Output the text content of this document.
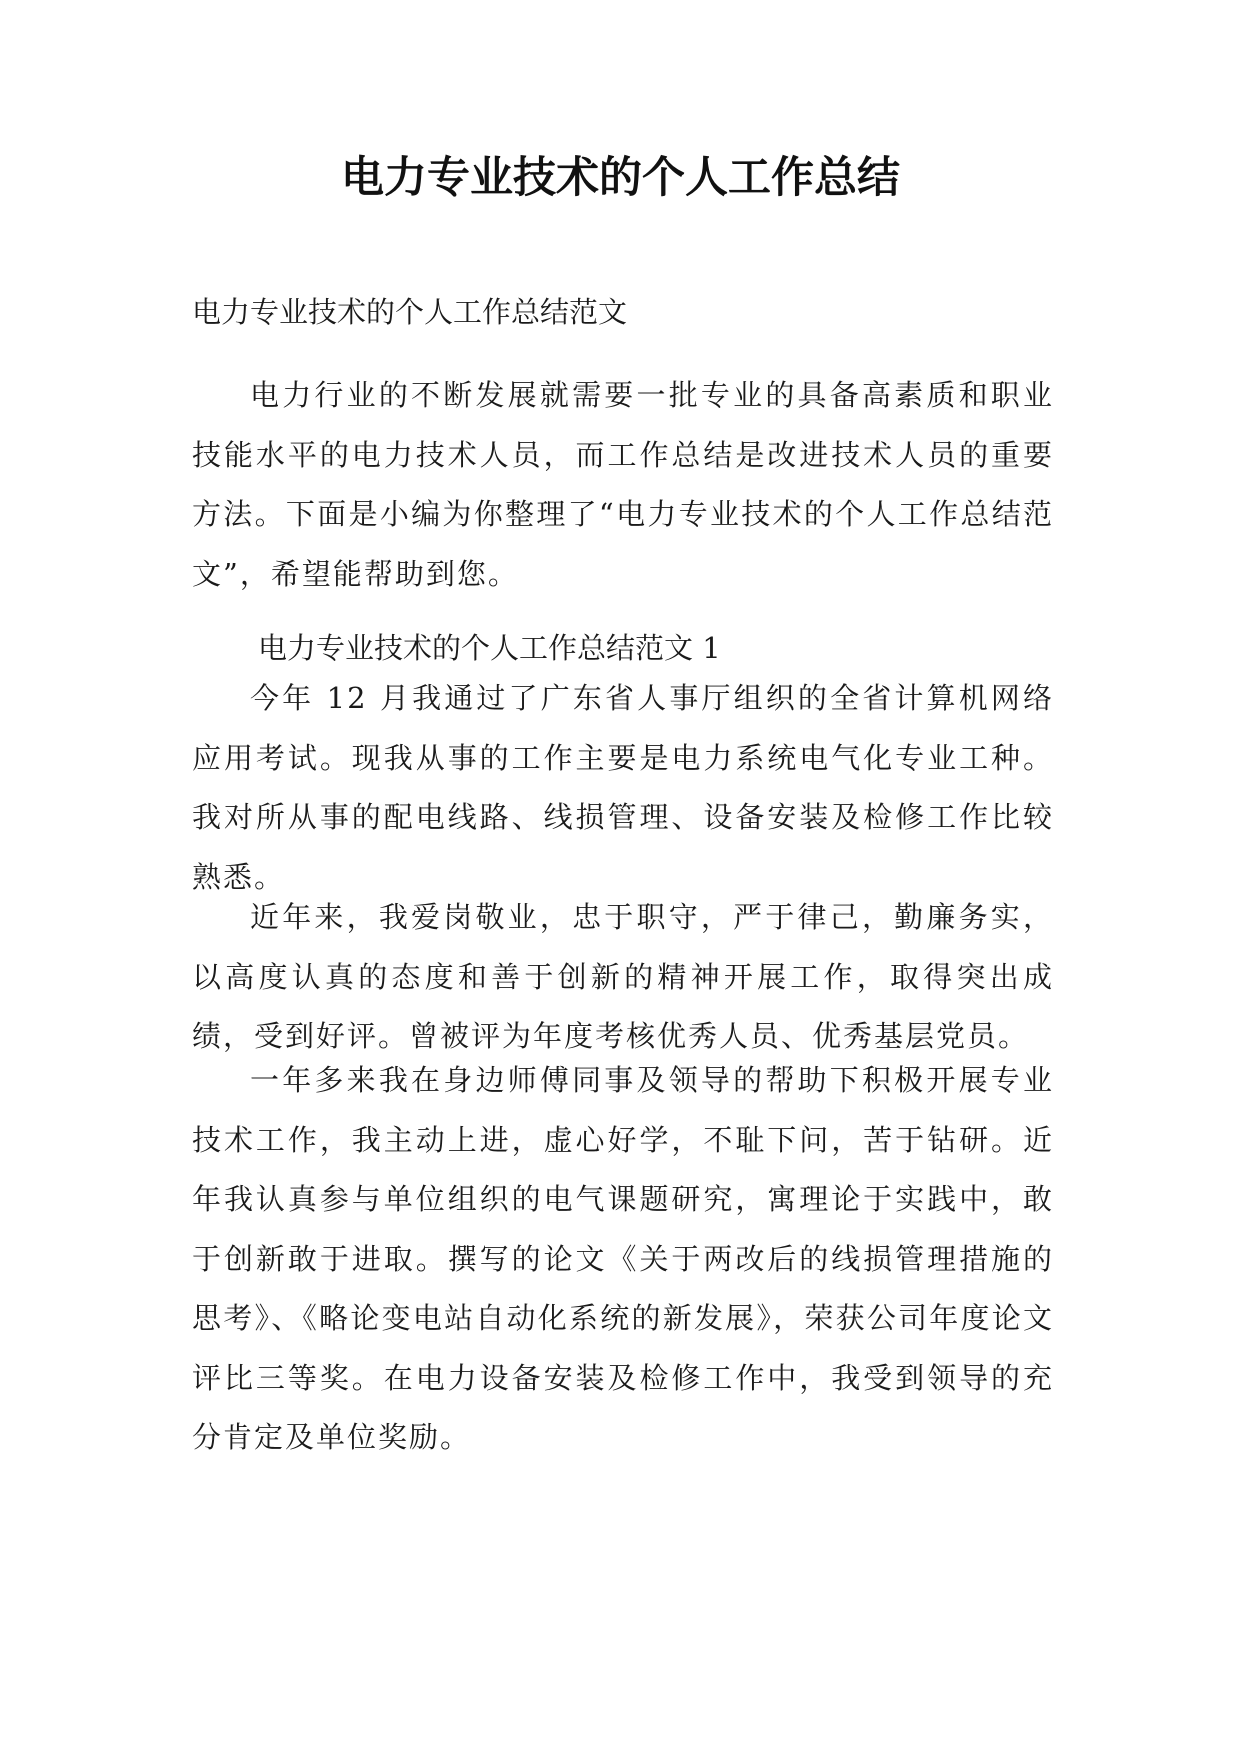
电力专业技术的个人工作总结

电力专业技术的个人工作总结范文

电力行业的不断发展就需要一批专业的具备高素质和职业技能水平的电力技术人员，而工作总结是改进技术人员的重要方法。下面是小编为你整理了“电力专业技术的个人工作总结范文”，希望能帮助到您。

电力专业技术的个人工作总结范文 1

今年 12 月我通过了广东省人事厅组织的全省计算机网络应用考试。现我从事的工作主要是电力系统电气化专业工种。我对所从事的配电线路、线损管理、设备安装及检修工作比较熟悉。

近年来，我爱岗敬业，忠于职守，严于律己，勤廉务实，以高度认真的态度和善于创新的精神开展工作，取得突出成绩，受到好评。曾被评为年度考核优秀人员、优秀基层党员。

一年多来我在身边师傅同事及领导的帮助下积极开展专业技术工作，我主动上进，虚心好学，不耻下问，苦于钻研。近年我认真参与单位组织的电气课题研究，寓理论于实践中，敢于创新敢于进取。撰写的论文《关于两改后的线损管理措施的思考》、《略论变电站自动化系统的新发展》，荣获公司年度论文评比三等奖。在电力设备安装及检修工作中，我受到领导的充分肯定及单位奖励。
